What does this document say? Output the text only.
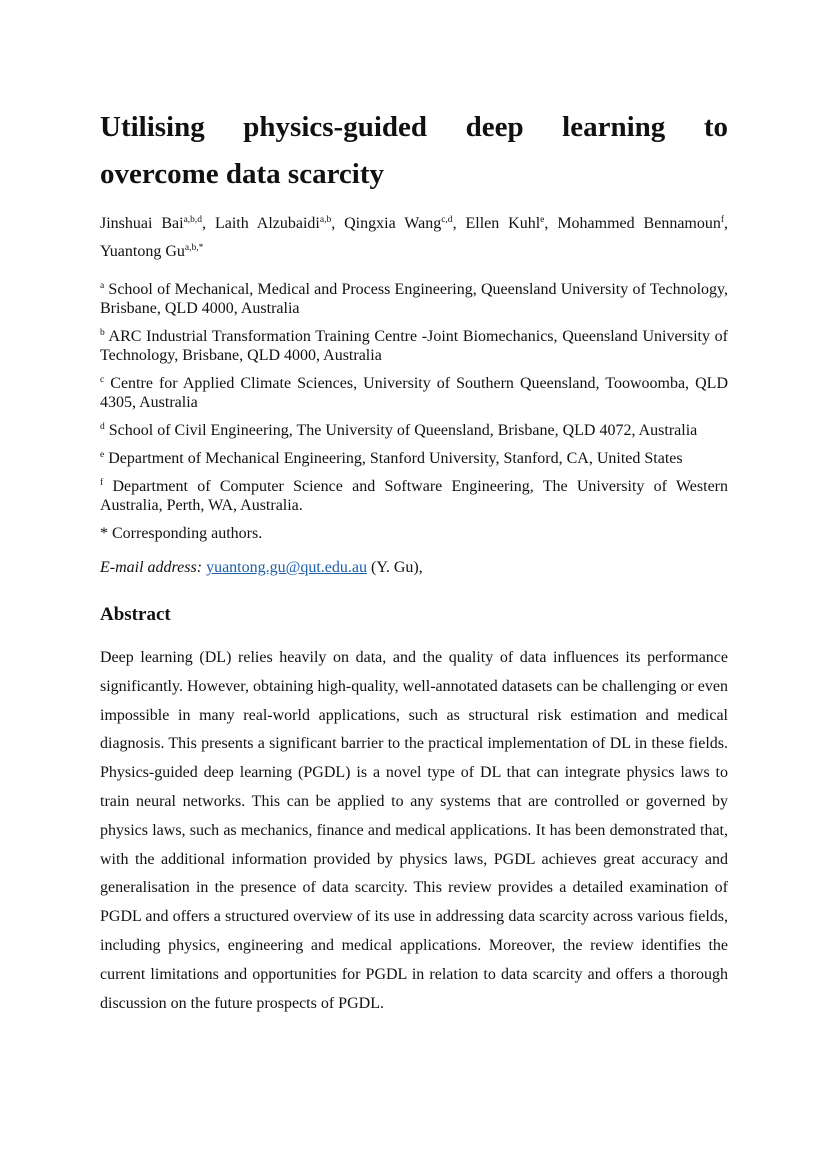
Utilising physics-guided deep learning to overcome data scarcity

Jinshuai Bai$^{a,b,d}$, Laith Alzubaidi$^{a,b}$, Qingxia Wang$^{c,d}$, Ellen Kuhl$^e$, Mohammed Bennamoun$^f$, Yuantong $Gu^{a,b,*}$

$^a$ School of Mechanical, Medical and Process Engineering, Queensland University of Technology, Brisbane, QLD 4000, Australia

$^b$ ARC Industrial Transformation Training Centre -Joint Biomechanics, Queensland University of Technology, Brisbane, QLD 4000, Australia

$^c$ Centre for Applied Climate Sciences, University of Southern Queensland, Toowoomba, QLD 4305, Australia

$^d$ School of Civil Engineering, The University of Queensland, Brisbane, QLD 4072, Australia

$^e$ Department of Mechanical Engineering, Stanford University, Stanford, CA, United States

$^f$ Department of Computer Science and Software Engineering, The University of Western Australia, Perth, WA, Australia.

* Corresponding authors.

E-mail address: yuantong.gu@qut.edu.au (Y. Gu),

Abstract

Deep learning (DL) relies heavily on data, and the quality of data influences its performance significantly. However, obtaining high-quality, well-annotated datasets can be challenging or even impossible in many real-world applications, such as structural risk estimation and medical diagnosis. This presents a significant barrier to the practical implementation of DL in these fields. Physics-guided deep learning (PGDL) is a novel type of DL that can integrate physics laws to train neural networks. This can be applied to any systems that are controlled or governed by physics laws, such as mechanics, finance and medical applications. It has been demonstrated that, with the additional information provided by physics laws, PGDL achieves great accuracy and generalisation in the presence of data scarcity. This review provides a detailed examination of PGDL and offers a structured overview of its use in addressing data scarcity across various fields, including physics, engineering and medical applications. Moreover, the review identifies the current limitations and opportunities for PGDL in relation to data scarcity and offers a thorough discussion on the future prospects of PGDL.
